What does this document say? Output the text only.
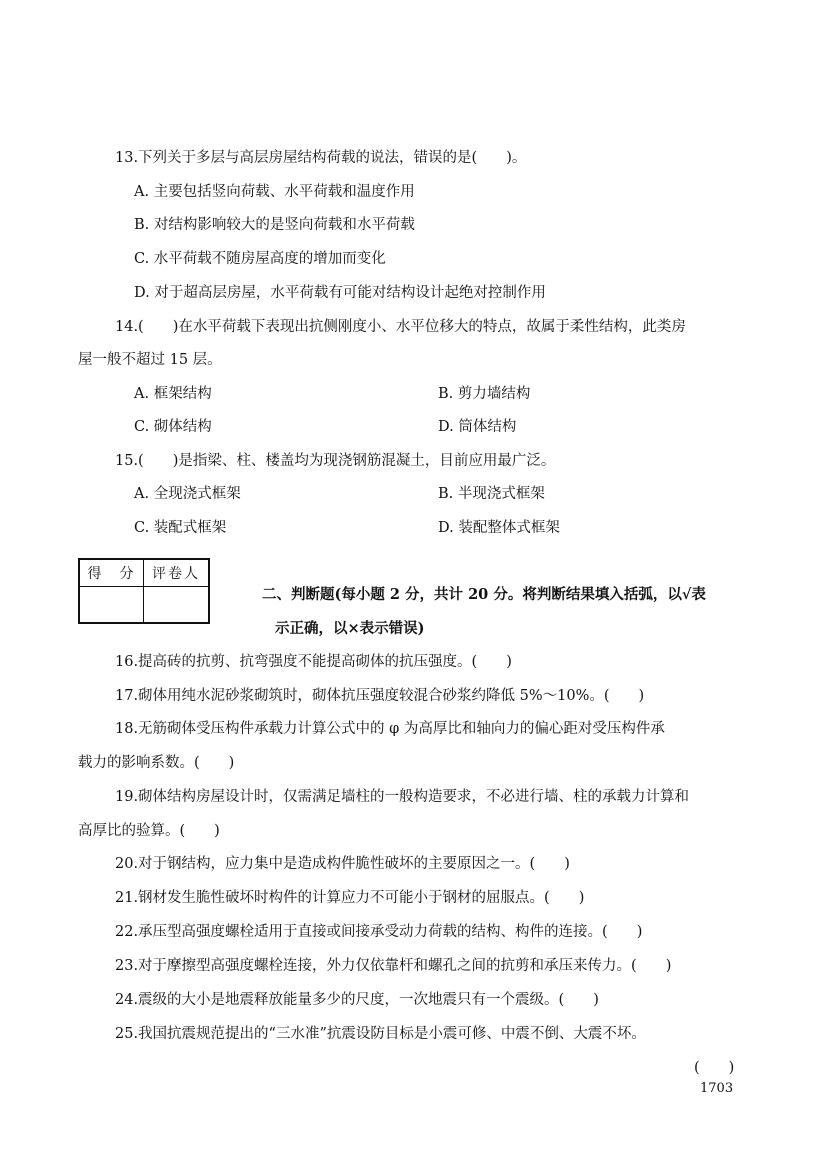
13.下列关于多层与高层房屋结构荷载的说法，错误的是(　　)。
A. 主要包括竖向荷载、水平荷载和温度作用
B. 对结构影响较大的是竖向荷载和水平荷载
C. 水平荷载不随房屋高度的增加而变化
D. 对于超高层房屋，水平荷载有可能对结构设计起绝对控制作用
14.(　　)在水平荷载下表现出抗侧刚度小、水平位移大的特点，故属于柔性结构，此类房
屋一般不超过 15 层。
A. 框架结构	B. 剪力墙结构
C. 砌体结构	D. 筒体结构
15.(　　)是指梁、柱、楼盖均为现浇钢筋混凝土，目前应用最广泛。
A. 全现浇式框架	B. 半现浇式框架
C. 装配式框架	D. 装配整体式框架
得　分	评卷人
二、判断题(每小题 2 分，共计 20 分。将判断结果填入括弧，以√表
示正确，以×表示错误)
16.提高砖的抗剪、抗弯强度不能提高砌体的抗压强度。(　　)
17.砌体用纯水泥砂浆砌筑时，砌体抗压强度较混合砂浆约降低 5%～10%。(　　)
18.无筋砌体受压构件承载力计算公式中的 φ 为高厚比和轴向力的偏心距对受压构件承
载力的影响系数。(　　)
19.砌体结构房屋设计时，仅需满足墙柱的一般构造要求，不必进行墙、柱的承载力计算和
高厚比的验算。(　　)
20.对于钢结构，应力集中是造成构件脆性破坏的主要原因之一。(　　)
21.钢材发生脆性破坏时构件的计算应力不可能小于钢材的屈服点。(　　)
22.承压型高强度螺栓适用于直接或间接承受动力荷载的结构、构件的连接。(　　)
23.对于摩擦型高强度螺栓连接，外力仅依靠杆和螺孔之间的抗剪和承压来传力。(　　)
24.震级的大小是地震释放能量多少的尺度，一次地震只有一个震级。(　　)
25.我国抗震规范提出的“三水准”抗震设防目标是小震可修、中震不倒、大震不坏。
(　　)
1703
